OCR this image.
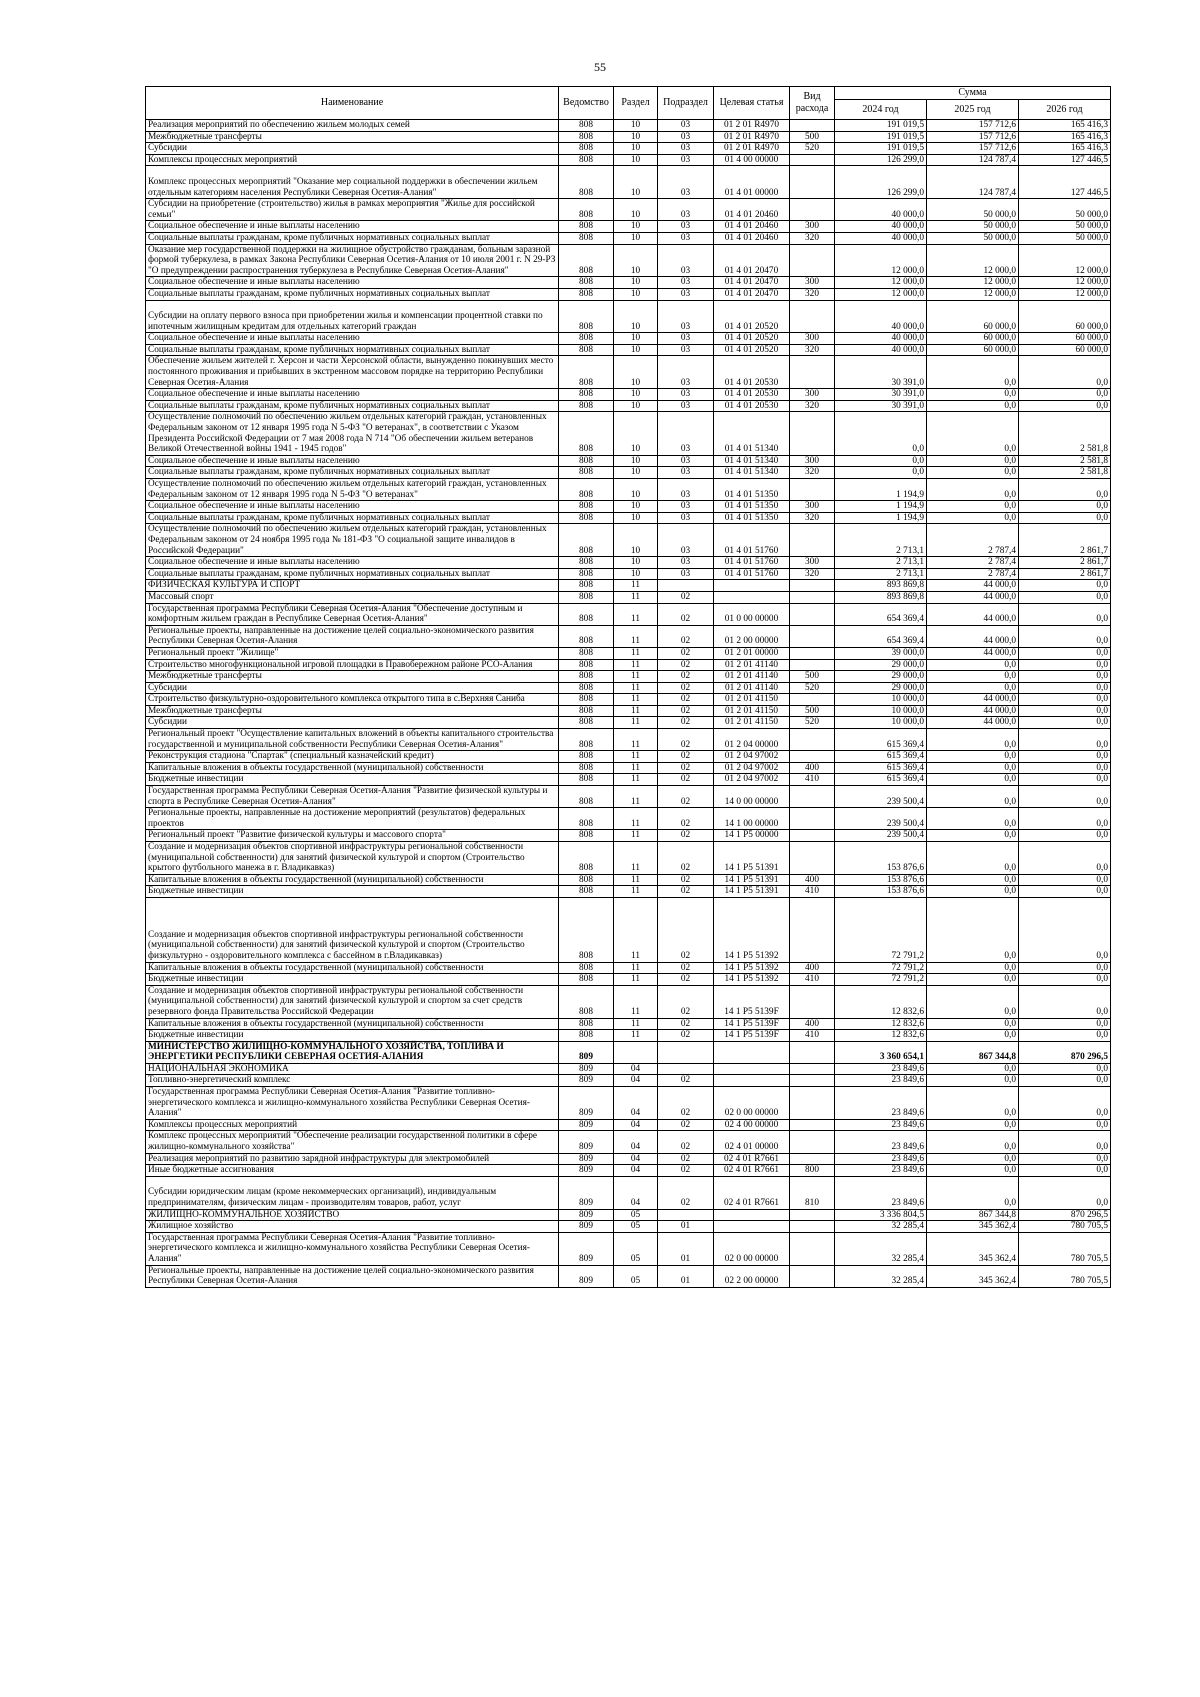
55
Наименование	Ведомство	Раздел	Подраздел	Целевая статья	Вид расхода	Сумма		
						2024 год	2025 год	2026 год
Реализация мероприятий по обеспечению жильем молодых семей	808	10	03	01 2 01 R4970		191 019,5	157 712,6	165 416,3
Межбюджетные трансферты	808	10	03	01 2 01 R4970	500	191 019,5	157 712,6	165 416,3
Субсидии	808	10	03	01 2 01 R4970	520	191 019,5	157 712,6	165 416,3
Комплексы процессных мероприятий	808	10	03	01 4 00 00000		126 299,0	124 787,4	127 446,5
Комплекс процессных мероприятий "Оказание мер социальной поддержки в обеспечении жильем отдельным категориям населения Республики Северная Осетия-Алания"	808	10	03	01 4 01 00000		126 299,0	124 787,4	127 446,5
Субсидии на приобретение (строительство) жилья в рамках мероприятия "Жилье для российской семьи"	808	10	03	01 4 01 20460		40 000,0	50 000,0	50 000,0
Социальное обеспечение и иные выплаты населению	808	10	03	01 4 01 20460	300	40 000,0	50 000,0	50 000,0
Социальные выплаты гражданам, кроме публичных нормативных социальных выплат	808	10	03	01 4 01 20460	320	40 000,0	50 000,0	50 000,0
Оказание мер государственной поддержки на жилищное обустройство гражданам, больным заразной формой туберкулеза, в рамках Закона Республики Северная Осетия-Алания от 10 июля 2001 г. N 29-РЗ "О предупреждении распространения туберкулеза в Республике Северная Осетия-Алания"	808	10	03	01 4 01 20470		12 000,0	12 000,0	12 000,0
Социальное обеспечение и иные выплаты населению	808	10	03	01 4 01 20470	300	12 000,0	12 000,0	12 000,0
Социальные выплаты гражданам, кроме публичных нормативных социальных выплат	808	10	03	01 4 01 20470	320	12 000,0	12 000,0	12 000,0
Субсидии на оплату первого взноса при приобретении жилья и компенсации процентной ставки по ипотечным жилищным кредитам для отдельных категорий граждан	808	10	03	01 4 01 20520		40 000,0	60 000,0	60 000,0
Социальное обеспечение и иные выплаты населению	808	10	03	01 4 01 20520	300	40 000,0	60 000,0	60 000,0
Социальные выплаты гражданам, кроме публичных нормативных социальных выплат	808	10	03	01 4 01 20520	320	40 000,0	60 000,0	60 000,0
Обеспечение жильем жителей г. Херсон и части Херсонской области, вынужденно покинувших место постоянного проживания и прибывших в экстренном массовом порядке на территорию Республики Северная Осетия-Алания	808	10	03	01 4 01 20530		30 391,0	0,0	0,0
Социальное обеспечение и иные выплаты населению	808	10	03	01 4 01 20530	300	30 391,0	0,0	0,0
Социальные выплаты гражданам, кроме публичных нормативных социальных выплат	808	10	03	01 4 01 20530	320	30 391,0	0,0	0,0
Осуществление полномочий по обеспечению жильем отдельных категорий граждан, установленных Федеральным законом от 12 января 1995 года N 5-ФЗ "О ветеранах", в соответствии с Указом Президента Российской Федерации от 7 мая 2008 года N 714 "Об обеспечении жильем ветеранов Великой Отечественной войны 1941 - 1945 годов"	808	10	03	01 4 01 51340		0,0	0,0	2 581,8
Социальное обеспечение и иные выплаты населению	808	10	03	01 4 01 51340	300	0,0	0,0	2 581,8
Социальные выплаты гражданам, кроме публичных нормативных социальных выплат	808	10	03	01 4 01 51340	320	0,0	0,0	2 581,8
Осуществление полномочий по обеспечению жильем отдельных категорий граждан, установленных Федеральным законом от 12 января 1995 года N 5-ФЗ "О ветеранах"	808	10	03	01 4 01 51350		1 194,9	0,0	0,0
Социальное обеспечение и иные выплаты населению	808	10	03	01 4 01 51350	300	1 194,9	0,0	0,0
Социальные выплаты гражданам, кроме публичных нормативных социальных выплат	808	10	03	01 4 01 51350	320	1 194,9	0,0	0,0
Осуществление полномочий по обеспечению жильем отдельных категорий граждан, установленных Федеральным законом от 24 ноября 1995 года № 181-ФЗ "О социальной защите инвалидов в Российской Федерации"	808	10	03	01 4 01 51760		2 713,1	2 787,4	2 861,7
Социальное обеспечение и иные выплаты населению	808	10	03	01 4 01 51760	300	2 713,1	2 787,4	2 861,7
Социальные выплаты гражданам, кроме публичных нормативных социальных выплат	808	10	03	01 4 01 51760	320	2 713,1	2 787,4	2 861,7
ФИЗИЧЕСКАЯ КУЛЬТУРА И СПОРТ	808	11				893 869,8	44 000,0	0,0
Массовый спорт	808	11	02			893 869,8	44 000,0	0,0
Государственная программа Республики Северная Осетия-Алания "Обеспечение доступным и комфортным жильем граждан в Республике Северная Осетия-Алания"	808	11	02	01 0 00 00000		654 369,4	44 000,0	0,0
Региональные проекты, направленные на достижение целей социально-экономического развития Республики Северная Осетия-Алания	808	11	02	01 2 00 00000		654 369,4	44 000,0	0,0
Региональный проект "Жилище"	808	11	02	01 2 01 00000		39 000,0	44 000,0	0,0
Строительство многофункциональной игровой площадки в Правобережном районе РСО-Алания	808	11	02	01 2 01 41140		29 000,0	0,0	0,0
Межбюджетные трансферты	808	11	02	01 2 01 41140	500	29 000,0	0,0	0,0
Субсидии	808	11	02	01 2 01 41140	520	29 000,0	0,0	0,0
Строительство физкультурно-оздоровительного комплекса открытого типа в с.Верхняя Саниба	808	11	02	01 2 01 41150		10 000,0	44 000,0	0,0
Межбюджетные трансферты	808	11	02	01 2 01 41150	500	10 000,0	44 000,0	0,0
Субсидии	808	11	02	01 2 01 41150	520	10 000,0	44 000,0	0,0
Региональный проект "Осуществление капитальных вложений в объекты капитального строительства государственной и муниципальной собственности Республики Северная Осетия-Алания"	808	11	02	01 2 04 00000		615 369,4	0,0	0,0
Реконструкция стадиона "Спартак" (специальный казначейский кредит)	808	11	02	01 2 04 97002		615 369,4	0,0	0,0
Капитальные вложения в объекты государственной (муниципальной) собственности	808	11	02	01 2 04 97002	400	615 369,4	0,0	0,0
Бюджетные инвестиции	808	11	02	01 2 04 97002	410	615 369,4	0,0	0,0
Государственная программа Республики Северная Осетия-Алания "Развитие физической культуры и спорта в Республике Северная Осетия-Алания"	808	11	02	14 0 00 00000		239 500,4	0,0	0,0
Региональные проекты, направленные на достижение мероприятий (результатов) федеральных проектов	808	11	02	14 1 00 00000		239 500,4	0,0	0,0
Региональный проект "Развитие физической культуры и массового спорта"	808	11	02	14 1 P5 00000		239 500,4	0,0	0,0
Создание и модернизация объектов спортивной инфраструктуры региональной собственности (муниципальной собственности) для занятий физической культурой и спортом (Строительство крытого футбольного манежа в г. Владикавказ)	808	11	02	14 1 P5 51391		153 876,6	0,0	0,0
Капитальные вложения в объекты государственной (муниципальной) собственности	808	11	02	14 1 P5 51391	400	153 876,6	0,0	0,0
Бюджетные инвестиции	808	11	02	14 1 P5 51391	410	153 876,6	0,0	0,0
Создание и модернизация объектов спортивной инфраструктуры региональной собственности (муниципальной собственности) для занятий физической культурой и спортом (Строительство физкультурно - оздоровительного комплекса с бассейном в г.Владикавказ)	808	11	02	14 1 P5 51392		72 791,2	0,0	0,0
Капитальные вложения в объекты государственной (муниципальной) собственности	808	11	02	14 1 P5 51392	400	72 791,2	0,0	0,0
Бюджетные инвестиции	808	11	02	14 1 P5 51392	410	72 791,2	0,0	0,0
Создание и модернизация объектов спортивной инфраструктуры региональной собственности (муниципальной собственности) для занятий физической культурой и спортом за счет средств резервного фонда Правительства Российской Федерации	808	11	02	14 1 P5 5139F		12 832,6	0,0	0,0
Капитальные вложения в объекты государственной (муниципальной) собственности	808	11	02	14 1 P5 5139F	400	12 832,6	0,0	0,0
Бюджетные инвестиции	808	11	02	14 1 P5 5139F	410	12 832,6	0,0	0,0
МИНИСТЕРСТВО ЖИЛИЩНО-КОММУНАЛЬНОГО ХОЗЯЙСТВА, ТОПЛИВА И ЭНЕРГЕТИКИ РЕСПУБЛИКИ СЕВЕРНАЯ ОСЕТИЯ-АЛАНИЯ	809					3 360 654,1	867 344,8	870 296,5
НАЦИОНАЛЬНАЯ ЭКОНОМИКА	809	04				23 849,6	0,0	0,0
Топливно-энергетический комплекс	809	04	02			23 849,6	0,0	0,0
Государственная программа Республики Северная Осетия-Алания "Развитие топливно-энергетического комплекса и жилищно-коммунального хозяйства Республики Северная Осетия-Алания"	809	04	02	02 0 00 00000		23 849,6	0,0	0,0
Комплексы процессных мероприятий	809	04	02	02 4 00 00000		23 849,6	0,0	0,0
Комплекс процессных мероприятий "Обеспечение реализации государственной политики в сфере жилищно-коммунального хозяйства"	809	04	02	02 4 01 00000		23 849,6	0,0	0,0
Реализация мероприятий по развитию зарядной инфраструктуры для электромобилей	809	04	02	02 4 01 R7661		23 849,6	0,0	0,0
Иные бюджетные ассигнования	809	04	02	02 4 01 R7661	800	23 849,6	0,0	0,0
Субсидии юридическим лицам (кроме некоммерческих организаций), индивидуальным предпринимателям, физическим лицам - производителям товаров, работ, услуг	809	04	02	02 4 01 R7661	810	23 849,6	0,0	0,0
ЖИЛИЩНО-КОММУНАЛЬНОЕ ХОЗЯЙСТВО	809	05				3 336 804,5	867 344,8	870 296,5
Жилищное хозяйство	809	05	01			32 285,4	345 362,4	780 705,5
Государственная программа Республики Северная Осетия-Алания "Развитие топливно-энергетического комплекса и жилищно-коммунального хозяйства Республики Северная Осетия-Алания"	809	05	01	02 0 00 00000		32 285,4	345 362,4	780 705,5
Региональные проекты, направленные на достижение целей социально-экономического развития Республики Северная Осетия-Алания	809	05	01	02 2 00 00000		32 285,4	345 362,4	780 705,5
